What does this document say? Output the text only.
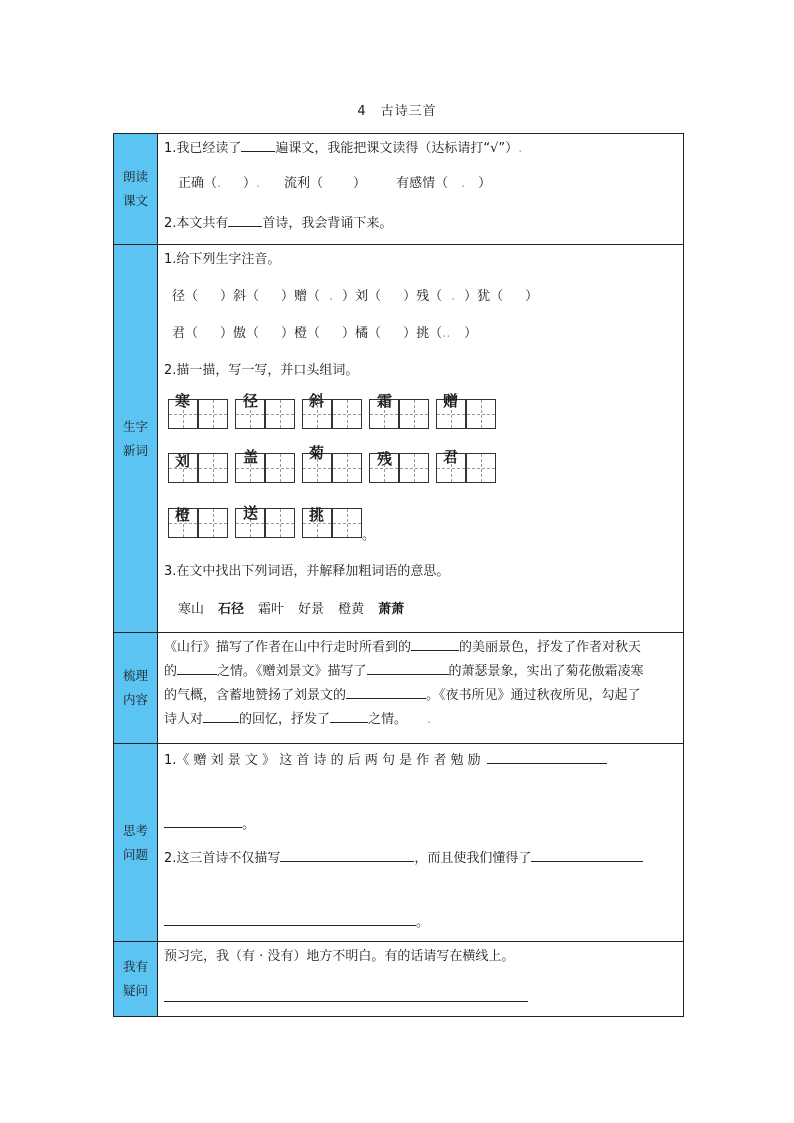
4 古诗三首
朗读
课文
1.我已经读了	遍课文，我能把课文读得（达标请打“√”）.
正确（. ）. 流利（ ） 有感情（ . ）
2.本文共有	首诗，我会背诵下来。
生字
新词
1.给下列生字注音。
径（ ）斜（ ）赠（ . ）刘（ ）残（ . ）犹（ ）
君（ ）傲（ ）橙（ ）橘（ ）挑（.. ）
2.描一描，写一写，并口头组词。
寒	径	斜	霜	赠
刘	盖	菊	残	君
橙	送	挑
。
3.在文中找出下列词语，并解释加粗词语的意思。
寒山 石径 霜叶 好景 橙黄 萧萧
梳理
内容
《山行》描写了作者在山中行走时所看到的	的美丽景色，抒发了作者对秋天
的	之情。《赠刘景文》描写了	的萧瑟景象，实出了菊花傲霜凌寒
的气概，含蓄地赞扬了刘景文的	。《夜书所见》通过秋夜所见，勾起了
诗人对	的回忆，抒发了	之情。 .
思考
问题
1.《 赠 刘 景 文 》 这 首 诗 的 后 两 句 是 作 者 勉 励
。
2.这三首诗不仅描写	，而且使我们懂得了
。
我有
疑问
预习完，我（有 · 没有）地方不明白。有的话请写在横线上。
